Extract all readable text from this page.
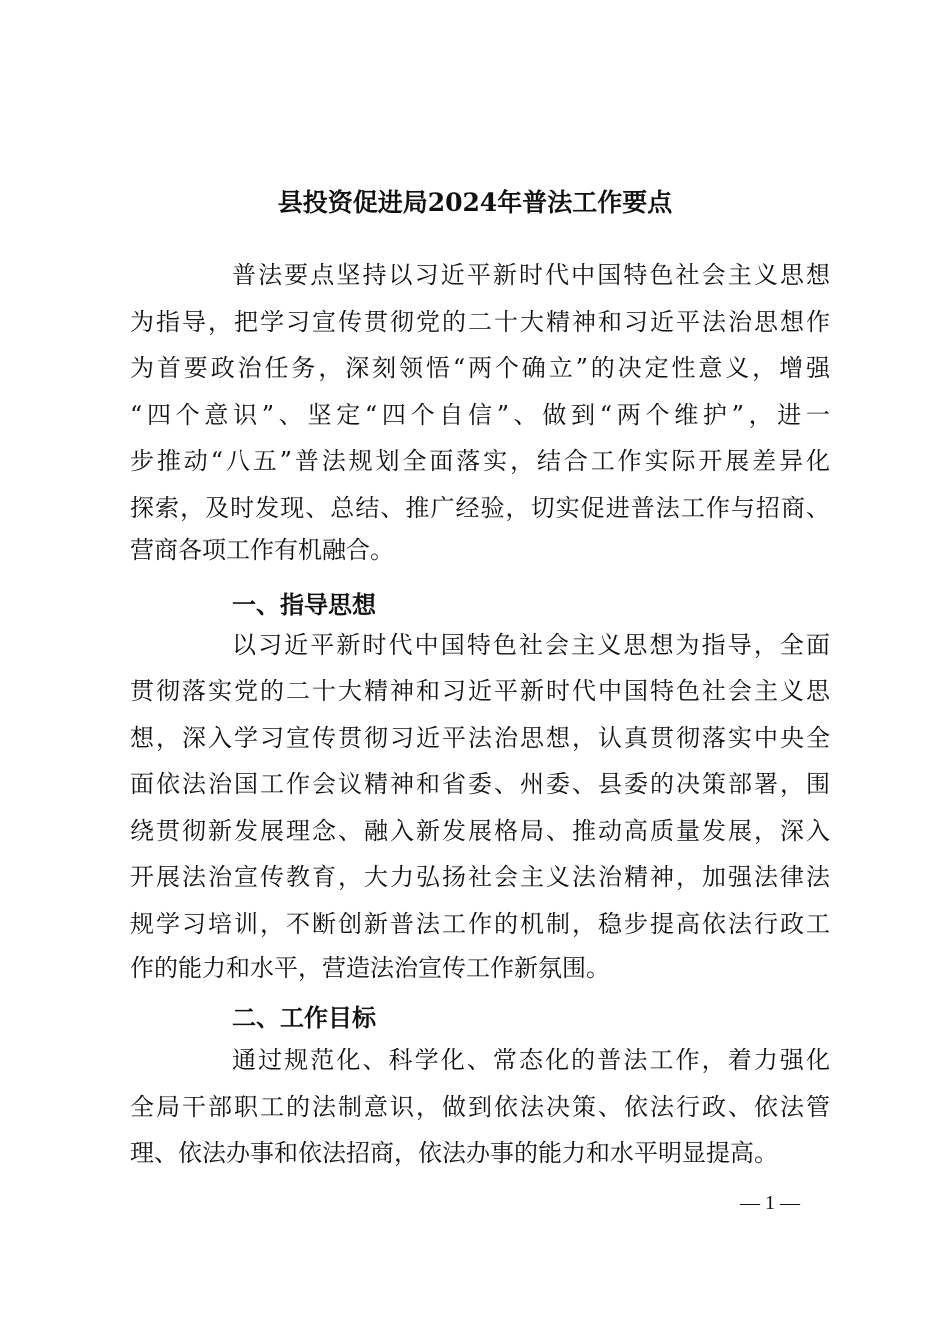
县投资促进局2024年普法工作要点
普法要点坚持以习近平新时代中国特色社会主义思想
为指导，把学习宣传贯彻党的二十大精神和习近平法治思想作
为首要政治任务，深刻领悟“两个确立”的决定性意义，增强
“四个意识”、坚定“四个自信”、做到“两个维护”，进一
步推动“八五”普法规划全面落实，结合工作实际开展差异化
探索，及时发现、总结、推广经验，切实促进普法工作与招商、
营商各项工作有机融合。
一、指导思想
以习近平新时代中国特色社会主义思想为指导，全面
贯彻落实党的二十大精神和习近平新时代中国特色社会主义思
想，深入学习宣传贯彻习近平法治思想，认真贯彻落实中央全
面依法治国工作会议精神和省委、州委、县委的决策部署，围
绕贯彻新发展理念、融入新发展格局、推动高质量发展，深入
开展法治宣传教育，大力弘扬社会主义法治精神，加强法律法
规学习培训，不断创新普法工作的机制，稳步提高依法行政工
作的能力和水平，营造法治宣传工作新氛围。
二、工作目标
通过规范化、科学化、常态化的普法工作，着力强化
全局干部职工的法制意识，做到依法决策、依法行政、依法管
理、依法办事和依法招商，依法办事的能力和水平明显提高。
— 1 —
